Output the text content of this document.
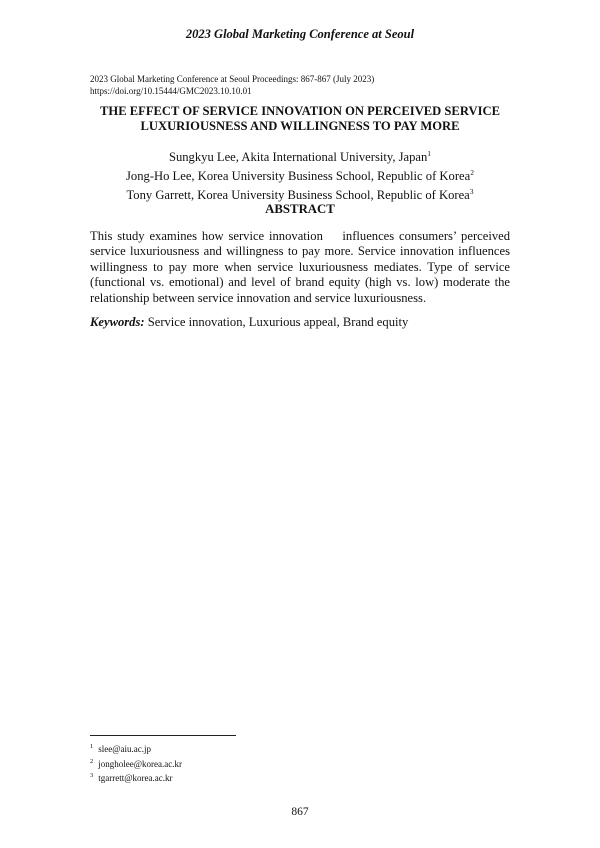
2023 Global Marketing Conference at Seoul
2023 Global Marketing Conference at Seoul Proceedings: 867-867 (July 2023)
https://doi.org/10.15444/GMC2023.10.10.01
THE EFFECT OF SERVICE INNOVATION ON PERCEIVED SERVICE
LUXURIOUSNESS AND WILLINGNESS TO PAY MORE
Sungkyu Lee, Akita International University, Japan$^1$
Jong-Ho Lee, Korea University Business School, Republic of Korea$^2$
Tony Garrett, Korea University Business School, Republic of Korea$^3$
ABSTRACT
This study examines how service innovation    influences consumers’ perceived service luxuriousness and willingness to pay more. Service innovation influences willingness to pay more when service luxuriousness mediates. Type of service (functional vs. emotional) and level of brand equity (high vs. low) moderate the relationship between service innovation and service luxuriousness.
Keywords: Service innovation, Luxurious appeal, Brand equity
$^1$ slee@aiu.ac.jp
$^2$ jongholee@korea.ac.kr
$^3$ tgarrett@korea.ac.kr
867
